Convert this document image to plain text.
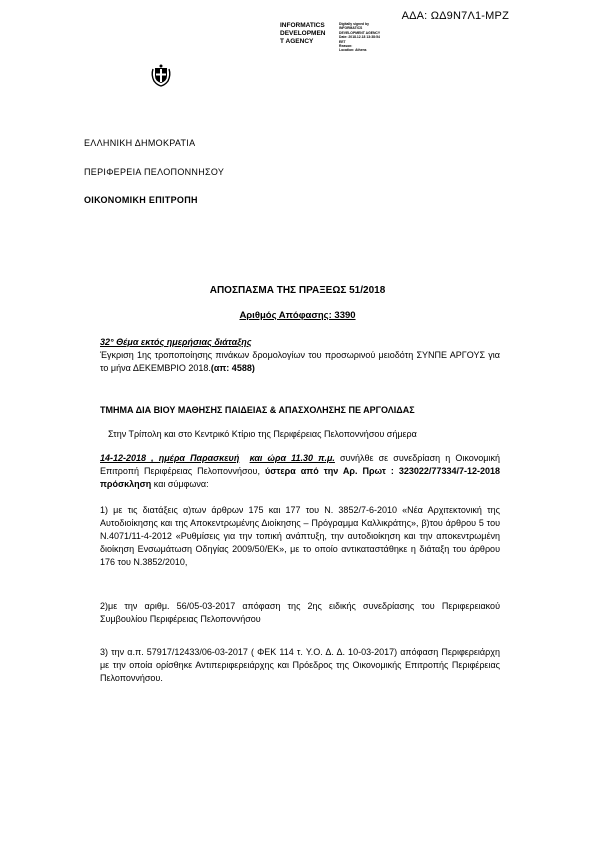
ΑΔΑ: ΩΔ9Ν7Λ1-ΜΡΖ
INFORMATICS
DEVELOPMEN
T AGENCY
Digitally signed by
INFORMATICS
DEVELOPMENT AGENCY
Date: 2018.12.18 13:38:54
EET
Reason:
Location: Athens
ΕΛΛΗΝΙΚΗ ΔΗΜΟΚΡΑΤΙΑ
ΠΕΡΙΦΕΡΕΙΑ ΠΕΛΟΠΟΝΝΗΣΟΥ
ΟΙΚΟΝΟΜΙΚΗ ΕΠΙΤΡΟΠΗ
ΑΠΟΣΠΑΣΜΑ ΤΗΣ ΠΡΑΞΕΩΣ 51/2018
Αριθμός Απόφασης: 3390
32° Θέμα εκτός ημερήσιας διάταξης
Έγκριση 1ης τροποποίησης πινάκων δρομολογίων του προσωρινού μειοδότη ΣΥΝΠΕ ΑΡΓΟΥΣ για το μήνα ΔΕΚΕΜΒΡΙΟ 2018.(απ: 4588)
ΤΜΗΜΑ ΔΙΑ ΒΙΟΥ ΜΑΘΗΣΗΣ ΠΑΙΔΕΙΑΣ & ΑΠΑΣΧΟΛΗΣΗΣ ΠΕ ΑΡΓΟΛΙΔΑΣ
Στην Τρίπολη και στο Κεντρικό Κτίριο της Περιφέρειας Πελοποννήσου σήμερα
14-12-2018 , ημέρα Παρασκευή και ώρα 11.30 π.μ. συνήλθε σε συνεδρίαση η Οικονομική Επιτροπή Περιφέρειας Πελοποννήσου, ύστερα από την Αρ. Πρωτ : 323022/77334/7-12-2018 πρόσκληση και σύμφωνα:
1) με τις διατάξεις α)των άρθρων 175 και 177 του Ν. 3852/7-6-2010 «Νέα Αρχιτεκτονική της Αυτοδιοίκησης και της Αποκεντρωμένης Διοίκησης – Πρόγραμμα Καλλικράτης», β)του άρθρου 5 του Ν.4071/11-4-2012 «Ρυθμίσεις για την τοπική ανάπτυξη, την αυτοδιοίκηση και την αποκεντρωμένη διοίκηση Ενσωμάτωση Οδηγίας 2009/50/ΕΚ», με το οποίο αντικαταστάθηκε η διάταξη του άρθρου 176 του Ν.3852/2010,
2)με την αριθμ. 56/05-03-2017 απόφαση της 2ης ειδικής συνεδρίασης του Περιφερειακού Συμβουλίου Περιφέρειας Πελοποννήσου
3) την α.π. 57917/12433/06-03-2017 ( ΦΕΚ 114 τ. Υ.Ο. Δ. Δ. 10-03-2017) απόφαση Περιφερειάρχη με την οποία ορίσθηκε Αντιπεριφερειάρχης και Πρόεδρος της Οικονομικής Επιτροπής Περιφέρειας Πελοποννήσου.
